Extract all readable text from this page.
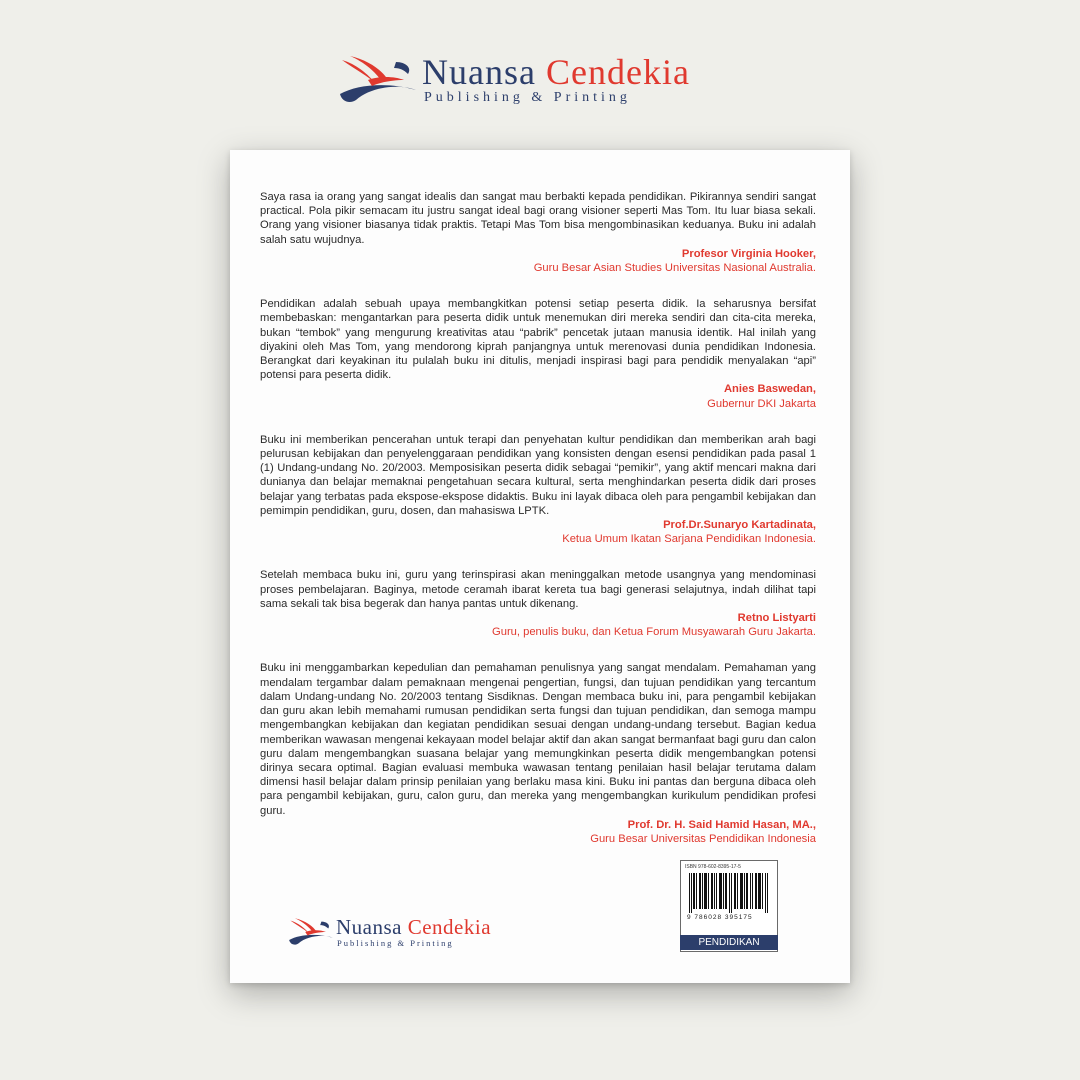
Nuansa Cendekia
Publishing & Printing

Saya rasa ia orang yang sangat idealis dan sangat mau berbakti kepada pendidikan. Pikirannya sendiri sangat practical. Pola pikir semacam itu justru sangat ideal bagi orang visioner seperti Mas Tom. Itu luar biasa sekali. Orang yang visioner biasanya tidak praktis. Tetapi Mas Tom bisa mengombinasikan keduanya. Buku ini adalah salah satu wujudnya.

Profesor Virginia Hooker,
Guru Besar Asian Studies Universitas Nasional Australia.

Pendidikan adalah sebuah upaya membangkitkan potensi setiap peserta didik. Ia seharusnya bersifat membebaskan: mengantarkan para peserta didik untuk menemukan diri mereka sendiri dan cita-cita mereka, bukan “tembok” yang mengurung kreativitas atau “pabrik” pencetak jutaan manusia identik. Hal inilah yang diyakini oleh Mas Tom, yang mendorong kiprah panjangnya untuk merenovasi dunia pendidikan Indonesia. Berangkat dari keyakinan itu pulalah buku ini ditulis, menjadi inspirasi bagi para pendidik menyalakan “api” potensi para peserta didik.

Anies Baswedan,
Gubernur DKI Jakarta

Buku ini memberikan pencerahan untuk terapi dan penyehatan kultur pendidikan dan memberikan arah bagi pelurusan kebijakan dan penyelenggaraan pendidikan yang konsisten dengan esensi pendidikan pada pasal 1 (1) Undang-undang No. 20/2003. Memposisikan peserta didik sebagai “pemikir”, yang aktif mencari makna dari dunianya dan belajar memaknai pengetahuan secara kultural, serta menghindarkan peserta didik dari proses belajar yang terbatas pada ekspose-ekspose didaktis. Buku ini layak dibaca oleh para pengambil kebijakan dan pemimpin pendidikan, guru, dosen, dan mahasiswa LPTK.

Prof.Dr.Sunaryo Kartadinata,
Ketua Umum Ikatan Sarjana Pendidikan Indonesia.

Setelah membaca buku ini, guru yang terinspirasi akan meninggalkan metode usangnya yang mendominasi proses pembelajaran. Baginya, metode ceramah ibarat kereta tua bagi generasi selajutnya, indah dilihat tapi sama sekali tak bisa begerak dan hanya pantas untuk dikenang.

Retno Listyarti
Guru, penulis buku, dan Ketua Forum Musyawarah Guru Jakarta.

Buku ini menggambarkan kepedulian dan pemahaman penulisnya yang sangat mendalam. Pemahaman yang mendalam tergambar dalam pemaknaan mengenai pengertian, fungsi, dan tujuan pendidikan yang tercantum dalam Undang-undang No. 20/2003 tentang Sisdiknas. Dengan membaca buku ini, para pengambil kebijakan dan guru akan lebih memahami rumusan pendidikan serta fungsi dan tujuan pendidikan, dan semoga mampu mengembangkan kebijakan dan kegiatan pendidikan sesuai dengan undang-undang tersebut. Bagian kedua memberikan wawasan mengenai kekayaan model belajar aktif dan akan sangat bermanfaat bagi guru dan calon guru dalam mengembangkan suasana belajar yang memungkinkan peserta didik mengembangkan potensi dirinya secara optimal. Bagian evaluasi membuka wawasan tentang penilaian hasil belajar terutama dalam dimensi hasil belajar dalam prinsip penilaian yang berlaku masa kini. Buku ini pantas dan berguna dibaca oleh para pengambil kebijakan, guru, calon guru, dan mereka yang mengembangkan kurikulum pendidikan profesi guru.

Prof. Dr. H. Said Hamid Hasan, MA.,
Guru Besar Universitas Pendidikan Indonesia
Nuansa Cendekia
Publishing & Printing
ISBN 978-602-8395-17-5
9 786028 395175
PENDIDIKAN
